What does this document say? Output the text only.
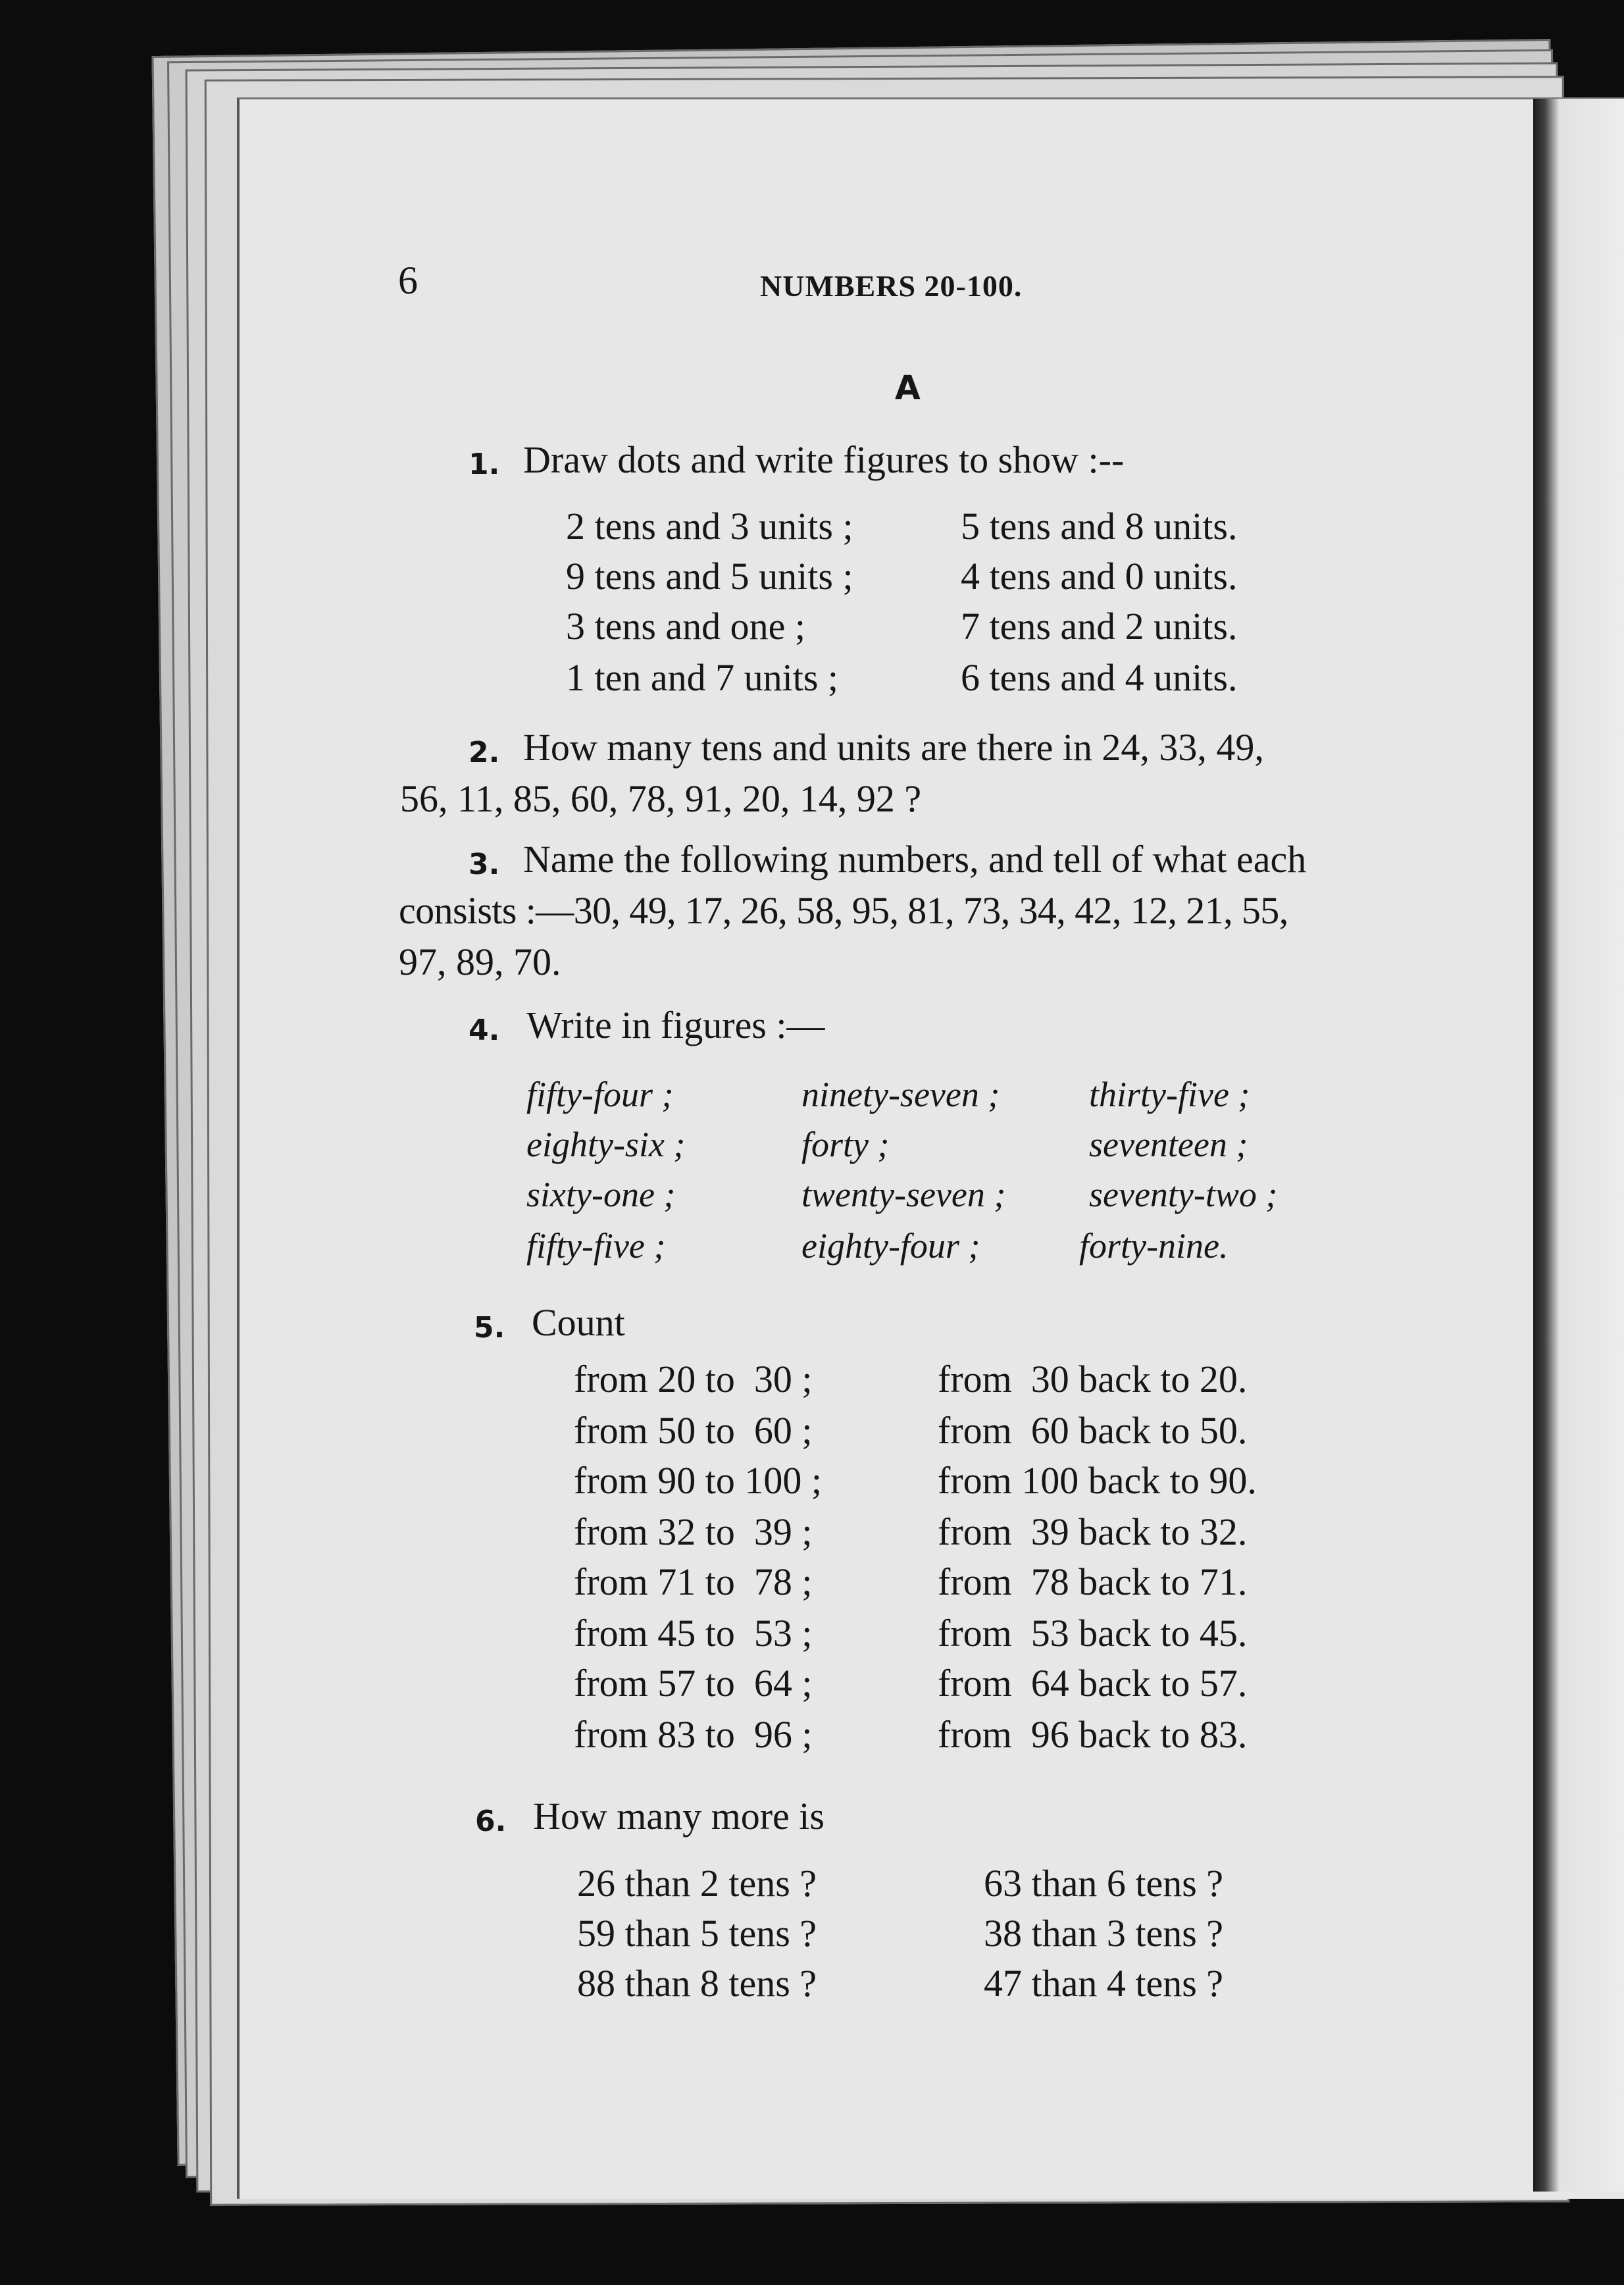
6	NUMBERS 20-100.
A
1. Draw dots and write figures to show :--
2 tens and 3 units ;
9 tens and 5 units ;
3 tens and one ;
1 ten and 7 units ;
5 tens and 8 units.
4 tens and 0 units.
7 tens and 2 units.
6 tens and 4 units.
2. How many tens and units are there in 24, 33, 49,
56, 11, 85, 60, 78, 91, 20, 14, 92 ?
3. Name the following numbers, and tell of what each
consists :—30, 49, 17, 26, 58, 95, 81, 73, 34, 42, 12, 21, 55,
97, 89, 70.
4. Write in figures :—
fifty-four ;
eighty-six ;
sixty-one ;
fifty-five ;
ninety-seven ;
forty ;
twenty-seven ;
eighty-four ;
thirty-five ;
seventeen ;
seventy-two ;
forty-nine.
5. Count
from 20 to  30 ;
from 50 to  60 ;
from 90 to 100 ;
from 32 to  39 ;
from 71 to  78 ;
from 45 to  53 ;
from 57 to  64 ;
from 83 to  96 ;
from  30 back to 20.
from  60 back to 50.
from 100 back to 90.
from  39 back to 32.
from  78 back to 71.
from  53 back to 45.
from  64 back to 57.
from  96 back to 83.
6. How many more is
26 than 2 tens ?
59 than 5 tens ?
88 than 8 tens ?
63 than 6 tens ?
38 than 3 tens ?
47 than 4 tens ?
